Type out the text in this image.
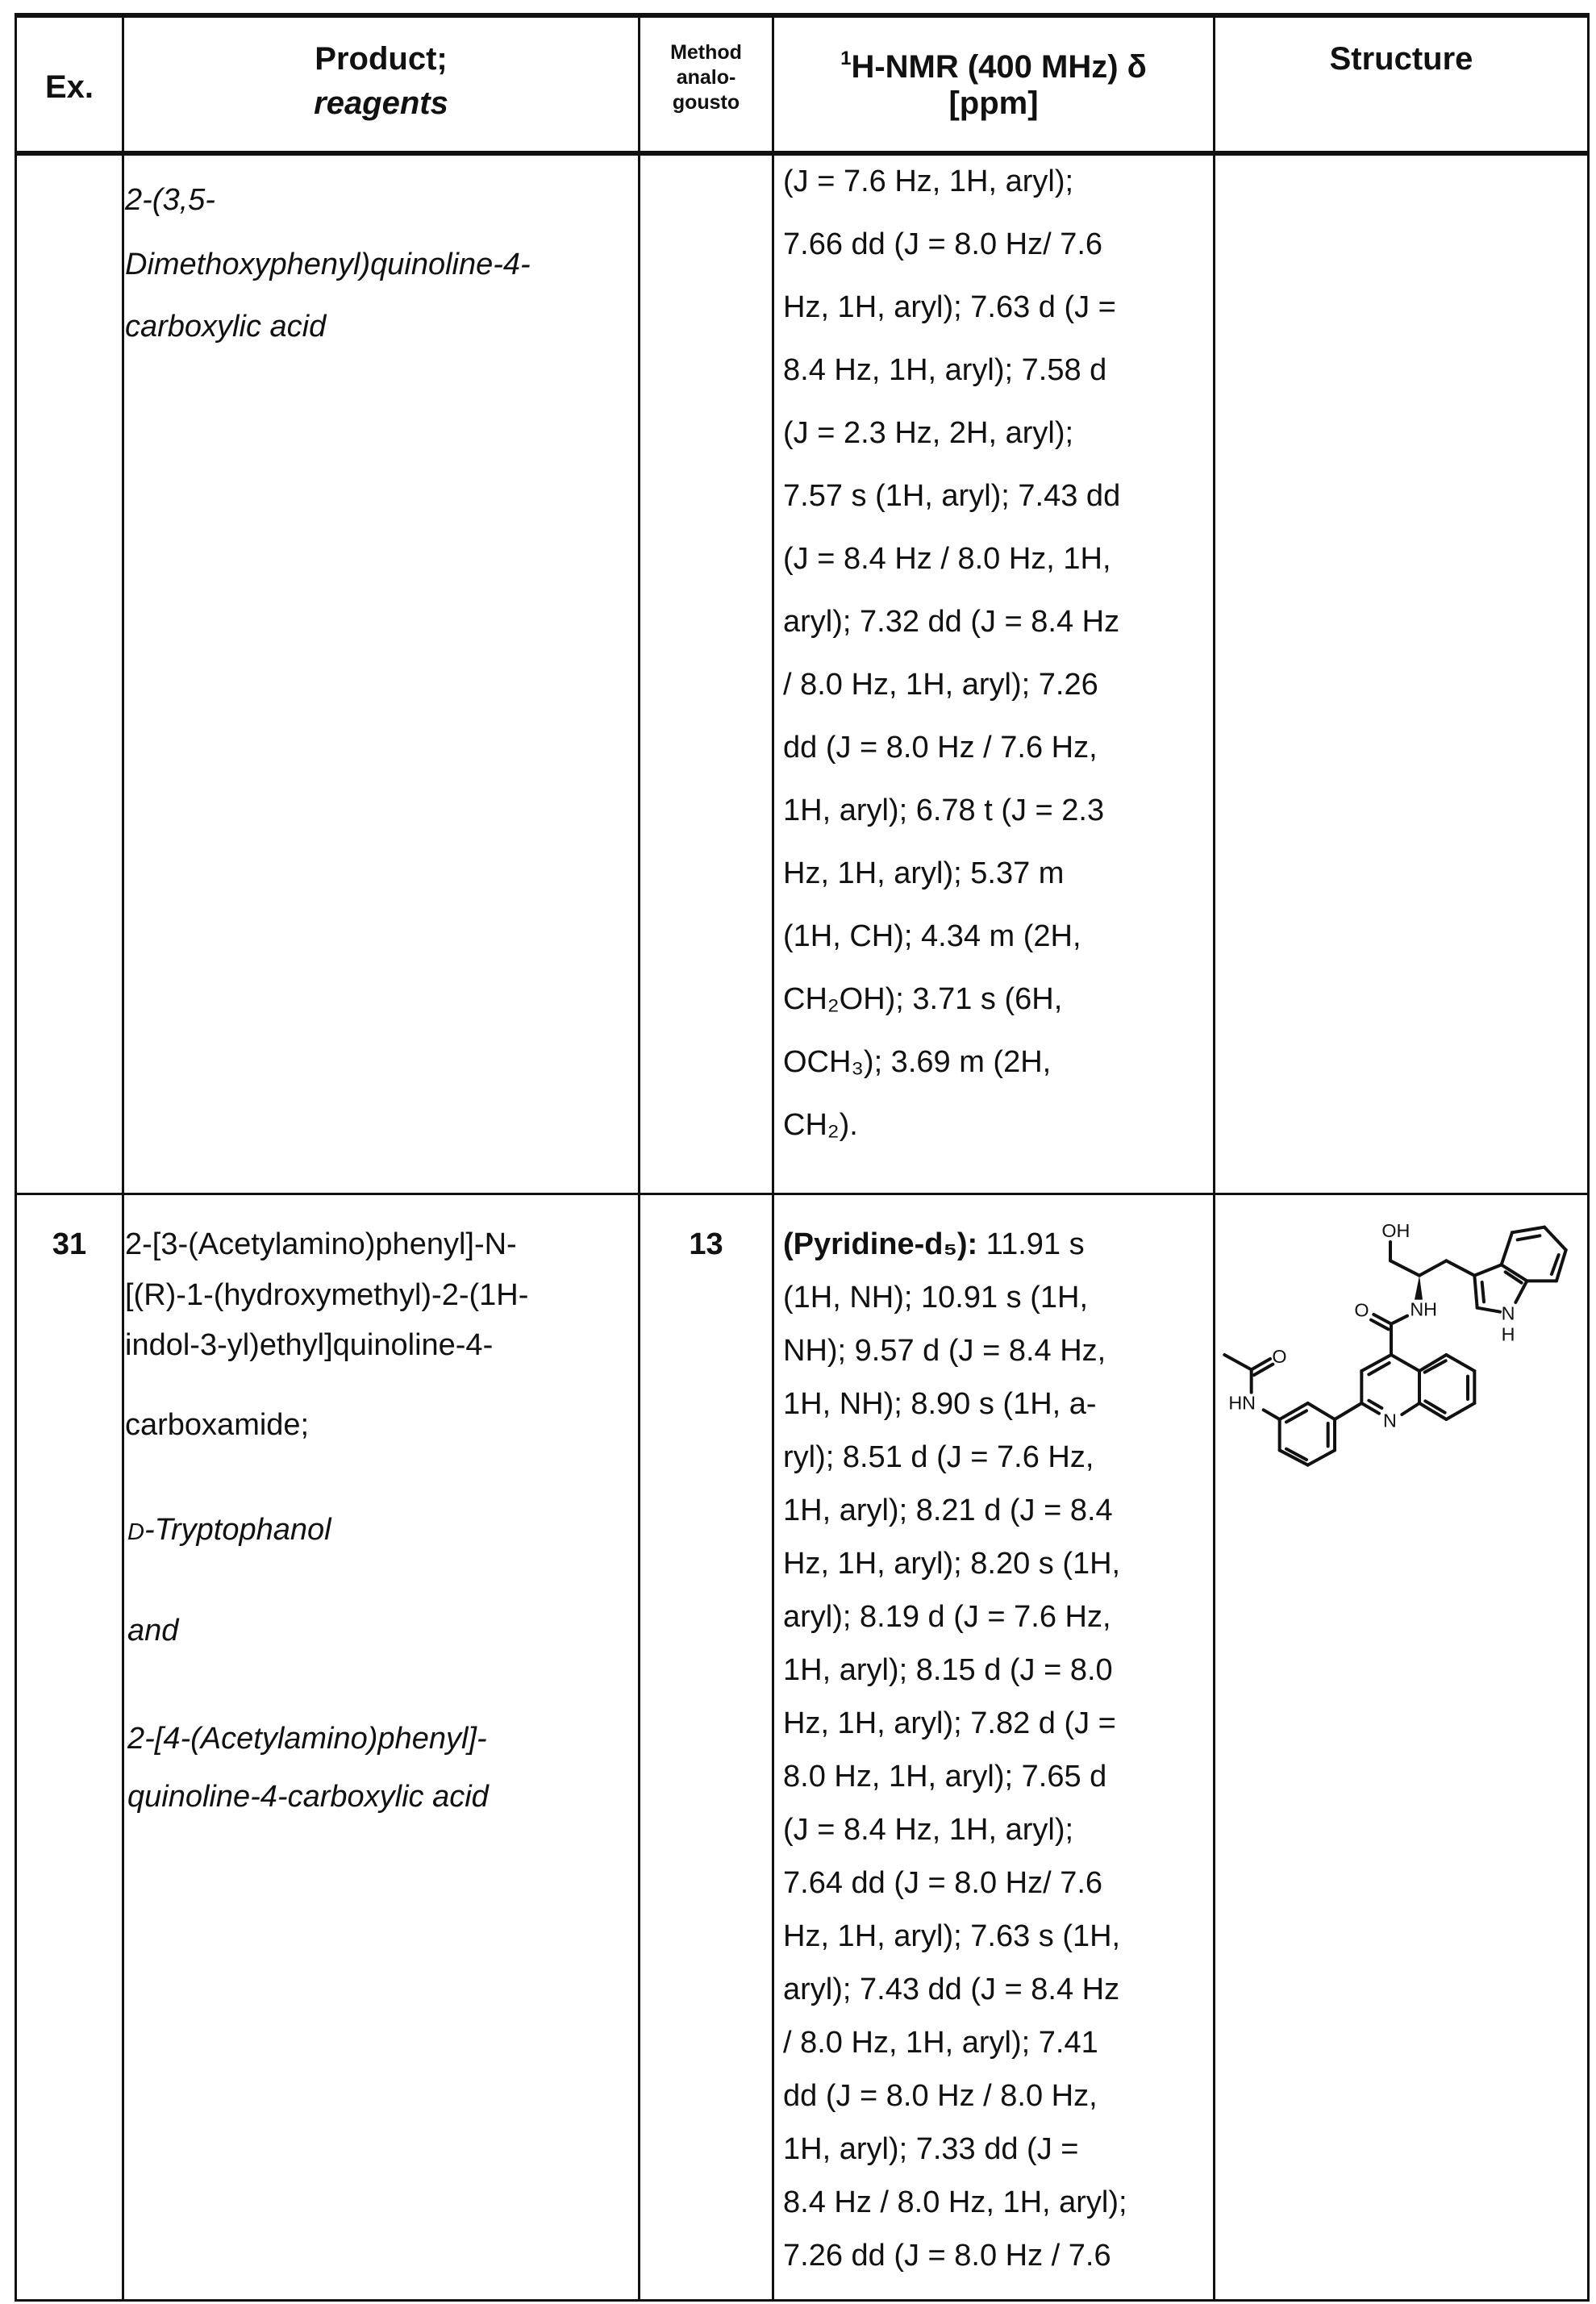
Ex.
Product;
reagents
Method
analo-
gousto
1H-NMR (400 MHz) δ
[ppm]
Structure
2-(3,5-
Dimethoxyphenyl)quinoline-4-
carboxylic acid
(J = 7.6 Hz, 1H, aryl);
7.66 dd (J = 8.0 Hz/ 7.6
Hz, 1H, aryl); 7.63 d (J =
8.4 Hz, 1H, aryl); 7.58 d
(J = 2.3 Hz, 2H, aryl);
7.57 s (1H, aryl); 7.43 dd
(J = 8.4 Hz / 8.0 Hz, 1H,
aryl); 7.32 dd (J = 8.4 Hz
/ 8.0 Hz, 1H, aryl); 7.26
dd (J = 8.0 Hz / 7.6 Hz,
1H, aryl); 6.78 t (J = 2.3
Hz, 1H, aryl); 5.37 m
(1H, CH); 4.34 m (2H,
CH₂OH); 3.71 s (6H,
OCH₃); 3.69 m (2H,
CH₂).
31	13
2-[3-(Acetylamino)phenyl]-N-
[(R)-1-(hydroxymethyl)-2-(1H-
indol-3-yl)ethyl]quinoline-4-
carboxamide;
D-Tryptophanol
and
2-[4-(Acetylamino)phenyl]-
quinoline-4-carboxylic acid
(Pyridine-d₅): 11.91 s
(1H, NH); 10.91 s (1H,
NH); 9.57 d (J = 8.4 Hz,
1H, NH); 8.90 s (1H, a-
ryl); 8.51 d (J = 7.6 Hz,
1H, aryl); 8.21 d (J = 8.4
Hz, 1H, aryl); 8.20 s (1H,
aryl); 8.19 d (J = 7.6 Hz,
1H, aryl); 8.15 d (J = 8.0
Hz, 1H, aryl); 7.82 d (J =
8.0 Hz, 1H, aryl); 7.65 d
(J = 8.4 Hz, 1H, aryl);
7.64 dd (J = 8.0 Hz/ 7.6
Hz, 1H, aryl); 7.63 s (1H,
aryl); 7.43 dd (J = 8.4 Hz
/ 8.0 Hz, 1H, aryl); 7.41
dd (J = 8.0 Hz / 8.0 Hz,
1H, aryl); 7.33 dd (J =
8.4 Hz / 8.0 Hz, 1H, aryl);
7.26 dd (J = 8.0 Hz / 7.6
OH
NH
O N
H
O
HN
N
